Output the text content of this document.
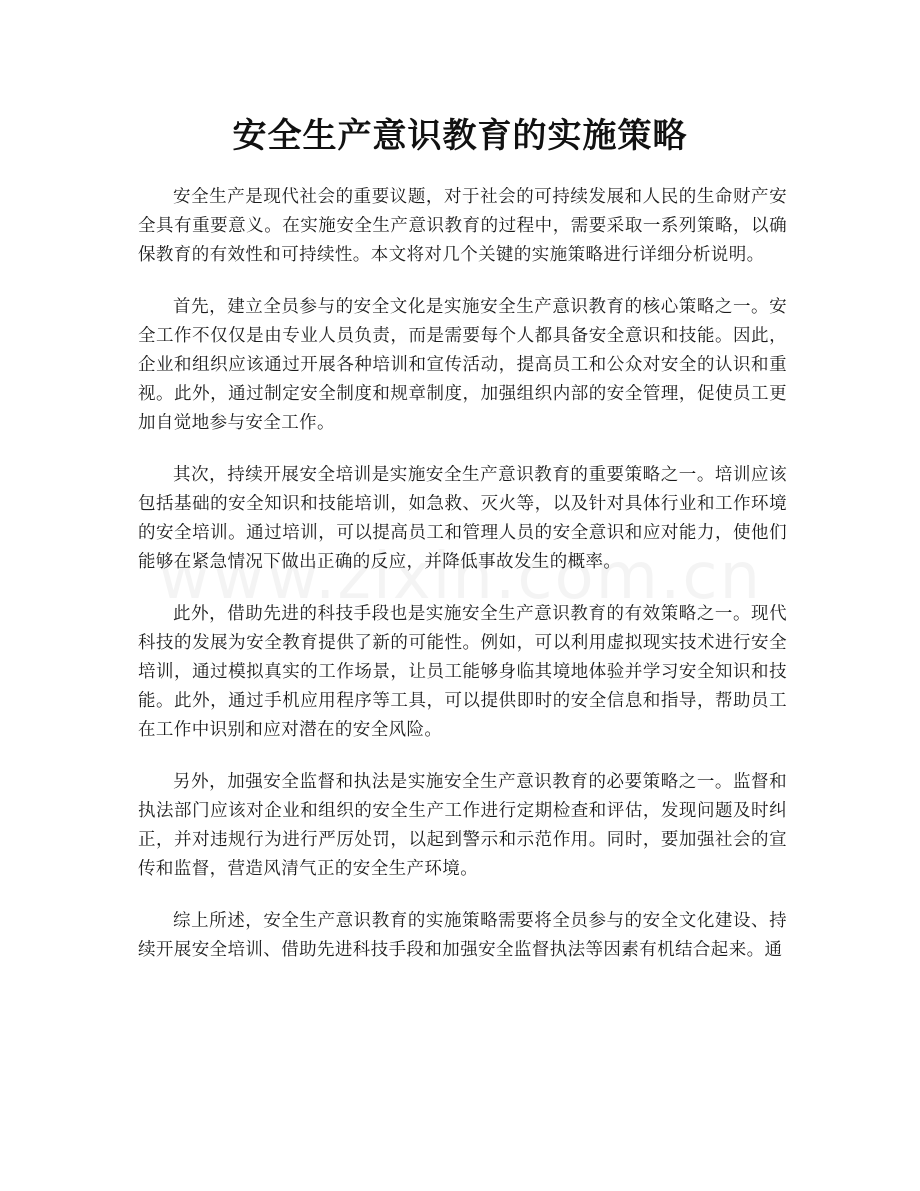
安全生产意识教育的实施策略

安全生产是现代社会的重要议题，对于社会的可持续发展和人民的生命财产安全具有重要意义。在实施安全生产意识教育的过程中，需要采取一系列策略，以确保教育的有效性和可持续性。本文将对几个关键的实施策略进行详细分析说明。

首先，建立全员参与的安全文化是实施安全生产意识教育的核心策略之一。安全工作不仅仅是由专业人员负责，而是需要每个人都具备安全意识和技能。因此，企业和组织应该通过开展各种培训和宣传活动，提高员工和公众对安全的认识和重视。此外，通过制定安全制度和规章制度，加强组织内部的安全管理，促使员工更加自觉地参与安全工作。

其次，持续开展安全培训是实施安全生产意识教育的重要策略之一。培训应该包括基础的安全知识和技能培训，如急救、灭火等，以及针对具体行业和工作环境的安全培训。通过培训，可以提高员工和管理人员的安全意识和应对能力，使他们能够在紧急情况下做出正确的反应，并降低事故发生的概率。

此外，借助先进的科技手段也是实施安全生产意识教育的有效策略之一。现代科技的发展为安全教育提供了新的可能性。例如，可以利用虚拟现实技术进行安全培训，通过模拟真实的工作场景，让员工能够身临其境地体验并学习安全知识和技能。此外，通过手机应用程序等工具，可以提供即时的安全信息和指导，帮助员工在工作中识别和应对潜在的安全风险。

另外，加强安全监督和执法是实施安全生产意识教育的必要策略之一。监督和执法部门应该对企业和组织的安全生产工作进行定期检查和评估，发现问题及时纠正，并对违规行为进行严厉处罚，以起到警示和示范作用。同时，要加强社会的宣传和监督，营造风清气正的安全生产环境。

综上所述，安全生产意识教育的实施策略需要将全员参与的安全文化建设、持续开展安全培训、借助先进科技手段和加强安全监督执法等因素有机结合起来。通
